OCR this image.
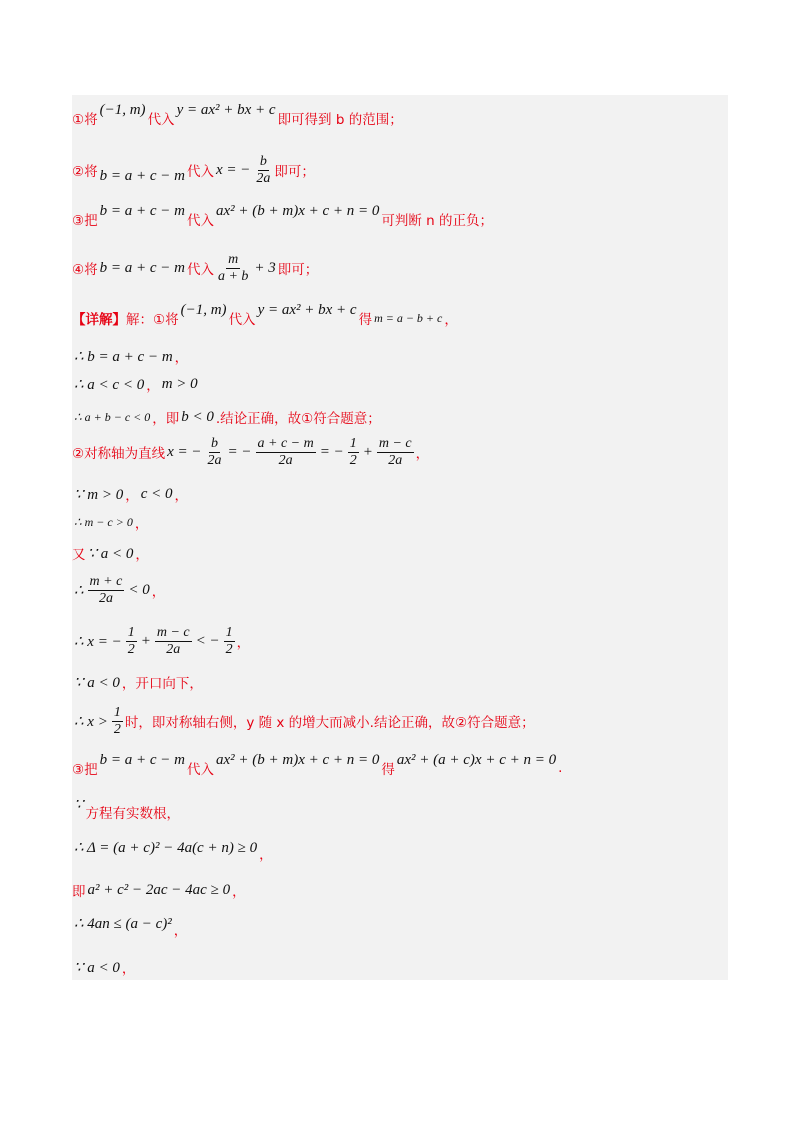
①将
(−1, m)
代入
y = ax² + bx + c
即可得到 b 的范围；
②将 b = a + c − m 代入 x = − $\frac{b}{2a}$ 即可；
③把
b = a + c − m
代入
ax² + (b + m)x + c + n = 0
可判断 n 的正负；
④将 b = a + c − m 代入 $\frac{m}{a + b} + 3$ 即可；
【详解】 解：①将
(−1, m)
代入
y = ax² + bx + c
得 m = a − b + c ，
∴ b = a + c − m ，
∴ a < c < 0 ， m > 0
∴ a + b − c < 0 ，即 b < 0 .结论正确，故①符合题意；
②对称轴为直线 x = − $\frac{b}{2a}$ = − $\frac{a + c - m}{2a}$ = − $\frac{1}{2} + \frac{m - c}{2a}$ ，
∵ m > 0 ， c < 0 ，
∴ m − c > 0 ，
又 ∵ a < 0 ，
∴ $\frac{m + c}{2a} < 0$ ，
∴ x = − $\frac{1}{2} + \frac{m - c}{2a}$ < − $\frac{1}{2}$ ，
∵ a < 0 ，开口向下，
∴ $x > \frac{1}{2}$ 时，即对称轴右侧，y 随 x 的增大而减小.结论正确，故②符合题意；
③把
b = a + c − m
代入
ax² + (b + m)x + c + n = 0
得
ax² + (a + c)x + c + n = 0
.
∵
方程有实数根，
∴ Δ = (a + c)² − 4a(c + n) ≥ 0 ，
即 a² + c² − 2ac − 4ac ≥ 0 ，
∴ 4an ≤ (a − c)² ，
∵ a < 0 ，
